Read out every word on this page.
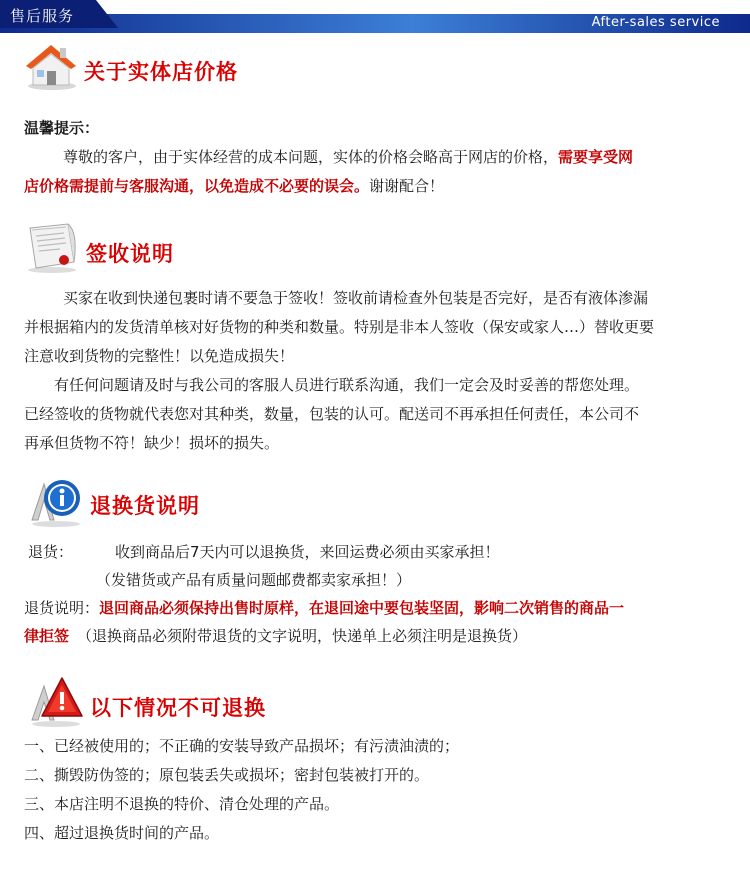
售后服务	After-sales service
关于实体店价格
温馨提示：
尊敬的客户，由于实体经营的成本问题，实体的价格会略高于网店的价格，需要享受网
店价格需提前与客服沟通，以免造成不必要的误会。谢谢配合！
签收说明
买家在收到快递包裹时请不要急于签收！签收前请检查外包装是否完好，是否有液体渗漏
并根据箱内的发货清单核对好货物的种类和数量。特别是非本人签收（保安或家人…）替收更要
注意收到货物的完整性！以免造成损失！
有任何问题请及时与我公司的客服人员进行联系沟通，我们一定会及时妥善的帮您处理。
已经签收的货物就代表您对其种类，数量，包装的认可。配送司不再承担任何责任，本公司不
再承但货物不符！缺少！损坏的损失。
退换货说明
退货：	收到商品后7天内可以退换货，来回运费必须由买家承担！
（发错货或产品有质量问题邮费都卖家承担！）
退货说明：退回商品必须保持出售时原样，在退回途中要包装坚固，影响二次销售的商品一
律拒签 （退换商品必须附带退货的文字说明，快递单上必须注明是退换货）
以下情况不可退换
一、已经被使用的；不正确的安装导致产品损坏；有污渍油渍的；
二、撕毁防伪签的；原包装丢失或损坏；密封包装被打开的。
三、本店注明不退换的特价、清仓处理的产品。
四、超过退换货时间的产品。
